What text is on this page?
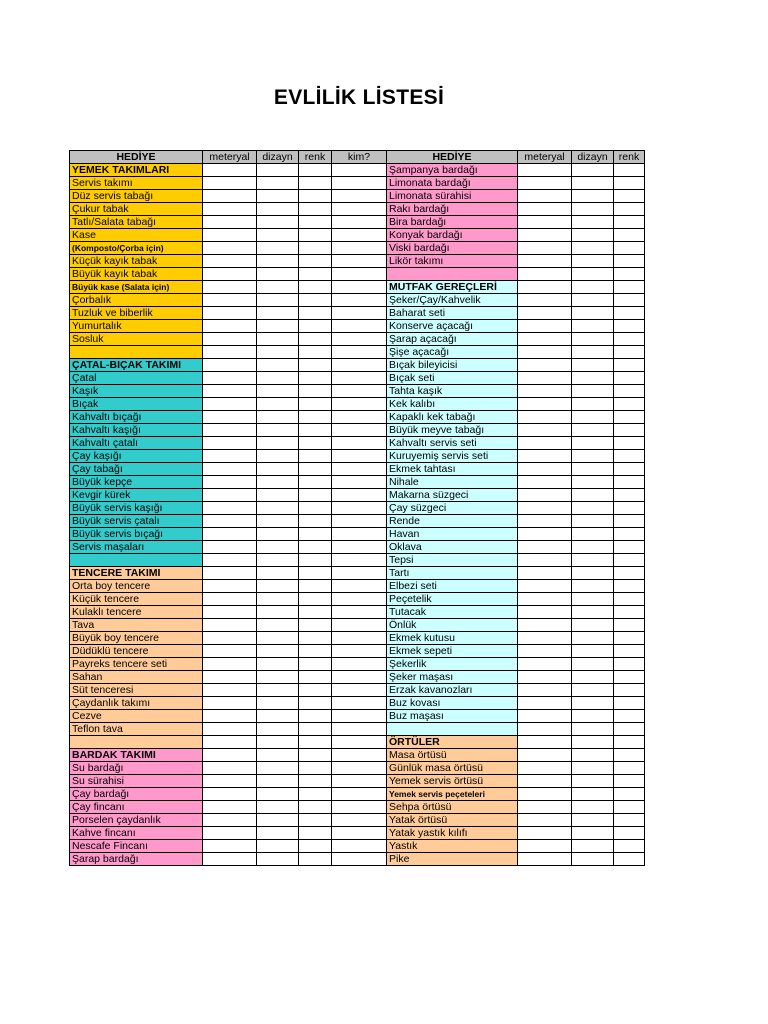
EVLİLİK LİSTESİ
HEDİYE	meteryal	dizayn	renk	kim?	HEDİYE	meteryal	dizayn	renk
YEMEK TAKIMLARI					Şampanya bardağı			
Servis takımı					Limonata bardağı			
Düz servis tabağı					Limonata sürahisi			
Çukur tabak					Rakı bardağı			
Tatlı/Salata tabağı					Bira bardağı			
Kase					Konyak bardağı			
(Komposto/Çorba için)					Viski bardağı			
Küçük kayık tabak					Likör takımı			
Büyük kayık tabak								
Büyük kase (Salata için)					MUTFAK GEREÇLERİ			
Çorbalık					Şeker/Çay/Kahvelik			
Tuzluk ve biberlik					Baharat seti			
Yumurtalık					Konserve açacağı			
Sosluk					Şarap açacağı			
					Şişe açacağı			
ÇATAL-BIÇAK TAKIMI					Bıçak bileyicisi			
Çatal					Bıçak seti			
Kaşık					Tahta kaşık			
Bıçak					Kek kalıbı			
Kahvaltı bıçağı					Kapaklı kek tabağı			
Kahvaltı kaşığı					Büyük meyve tabağı			
Kahvaltı çatalı					Kahvaltı servis seti			
Çay kaşığı					Kuruyemiş servis seti			
Çay tabağı					Ekmek tahtası			
Büyük kepçe					Nihale			
Kevgir kürek					Makarna süzgeci			
Büyük servis kaşığı					Çay süzgeci			
Büyük servis çatalı					Rende			
Büyük servis bıçağı					Havan			
Servis maşaları					Oklava			
					Tepsi			
TENCERE TAKIMI					Tartı			
Orta boy tencere					Elbezi seti			
Küçük tencere					Peçetelik			
Kulaklı tencere					Tutacak			
Tava					Önlük			
Büyük boy tencere					Ekmek kutusu			
Düdüklü tencere					Ekmek sepeti			
Payreks tencere seti					Şekerlik			
Sahan					Şeker maşası			
Süt tenceresi					Erzak kavanozları			
Çaydanlık takımı					Buz kovası			
Cezve					Buz maşası			
Teflon tava								
					ÖRTÜLER			
BARDAK TAKIMI					Masa örtüsü			
Su bardağı					Günlük masa örtüsü			
Su sürahisi					Yemek servis örtüsü			
Çay bardağı					Yemek servis peçeteleri			
Çay fincanı					Sehpa örtüsü			
Porselen çaydanlık					Yatak örtüsü			
Kahve fincanı					Yatak yastık kılıfı			
Nescafe Fincanı					Yastık			
Şarap bardağı					Pike			
